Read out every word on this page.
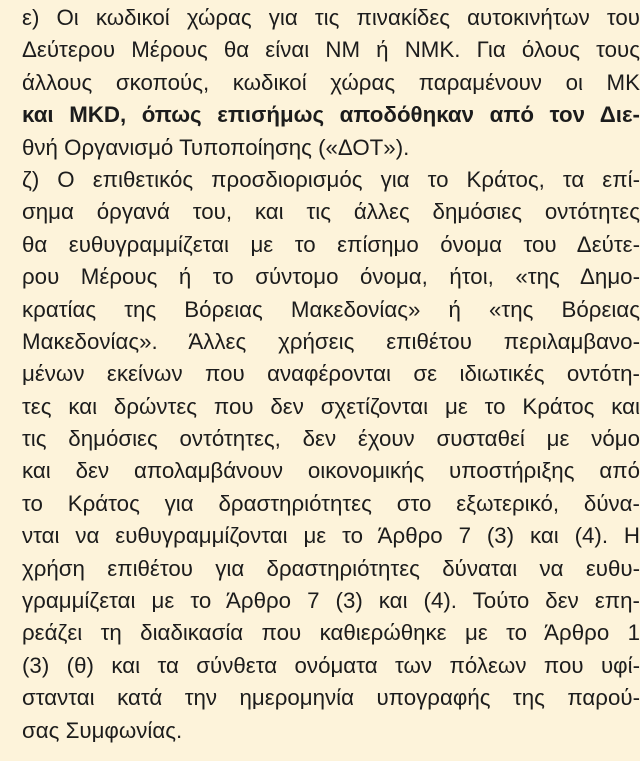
ε) Οι κωδικοί χώρας για τις πινακίδες αυτοκινήτων του
Δεύτερου Μέρους θα είναι NM ή NMK. Για όλους τους
άλλους σκοπούς, κωδικοί χώρας παραμένουν οι MK
και MKD, όπως επισήμως αποδόθηκαν από τον Διε-
θνή Οργανισμό Τυποποίησης («ΔΟΤ»).
ζ) Ο επιθετικός προσδιορισμός για το Κράτος, τα επί-
σημα όργανά του, και τις άλλες δημόσιες οντότητες
θα ευθυγραμμίζεται με το επίσημο όνομα του Δεύτε-
ρου Μέρους ή το σύντομο όνομα, ήτοι, «της Δημο-
κρατίας της Βόρειας Μακεδονίας» ή «της Βόρειας
Μακεδονίας». Άλλες χρήσεις επιθέτου περιλαμβανο-
μένων εκείνων που αναφέρονται σε ιδιωτικές οντότη-
τες και δρώντες που δεν σχετίζονται με το Κράτος και
τις δημόσιες οντότητες, δεν έχουν συσταθεί με νόμο
και δεν απολαμβάνουν οικονομικής υποστήριξης από
το Κράτος για δραστηριότητες στο εξωτερικό, δύνα-
νται να ευθυγραμμίζονται με το Άρθρο 7 (3) και (4). Η
χρήση επιθέτου για δραστηριότητες δύναται να ευθυ-
γραμμίζεται με το Άρθρο 7 (3) και (4). Τούτο δεν επη-
ρεάζει τη διαδικασία που καθιερώθηκε με το Άρθρο 1
(3) (θ) και τα σύνθετα ονόματα των πόλεων που υφί-
στανται κατά την ημερομηνία υπογραφής της παρού-
σας Συμφωνίας.
